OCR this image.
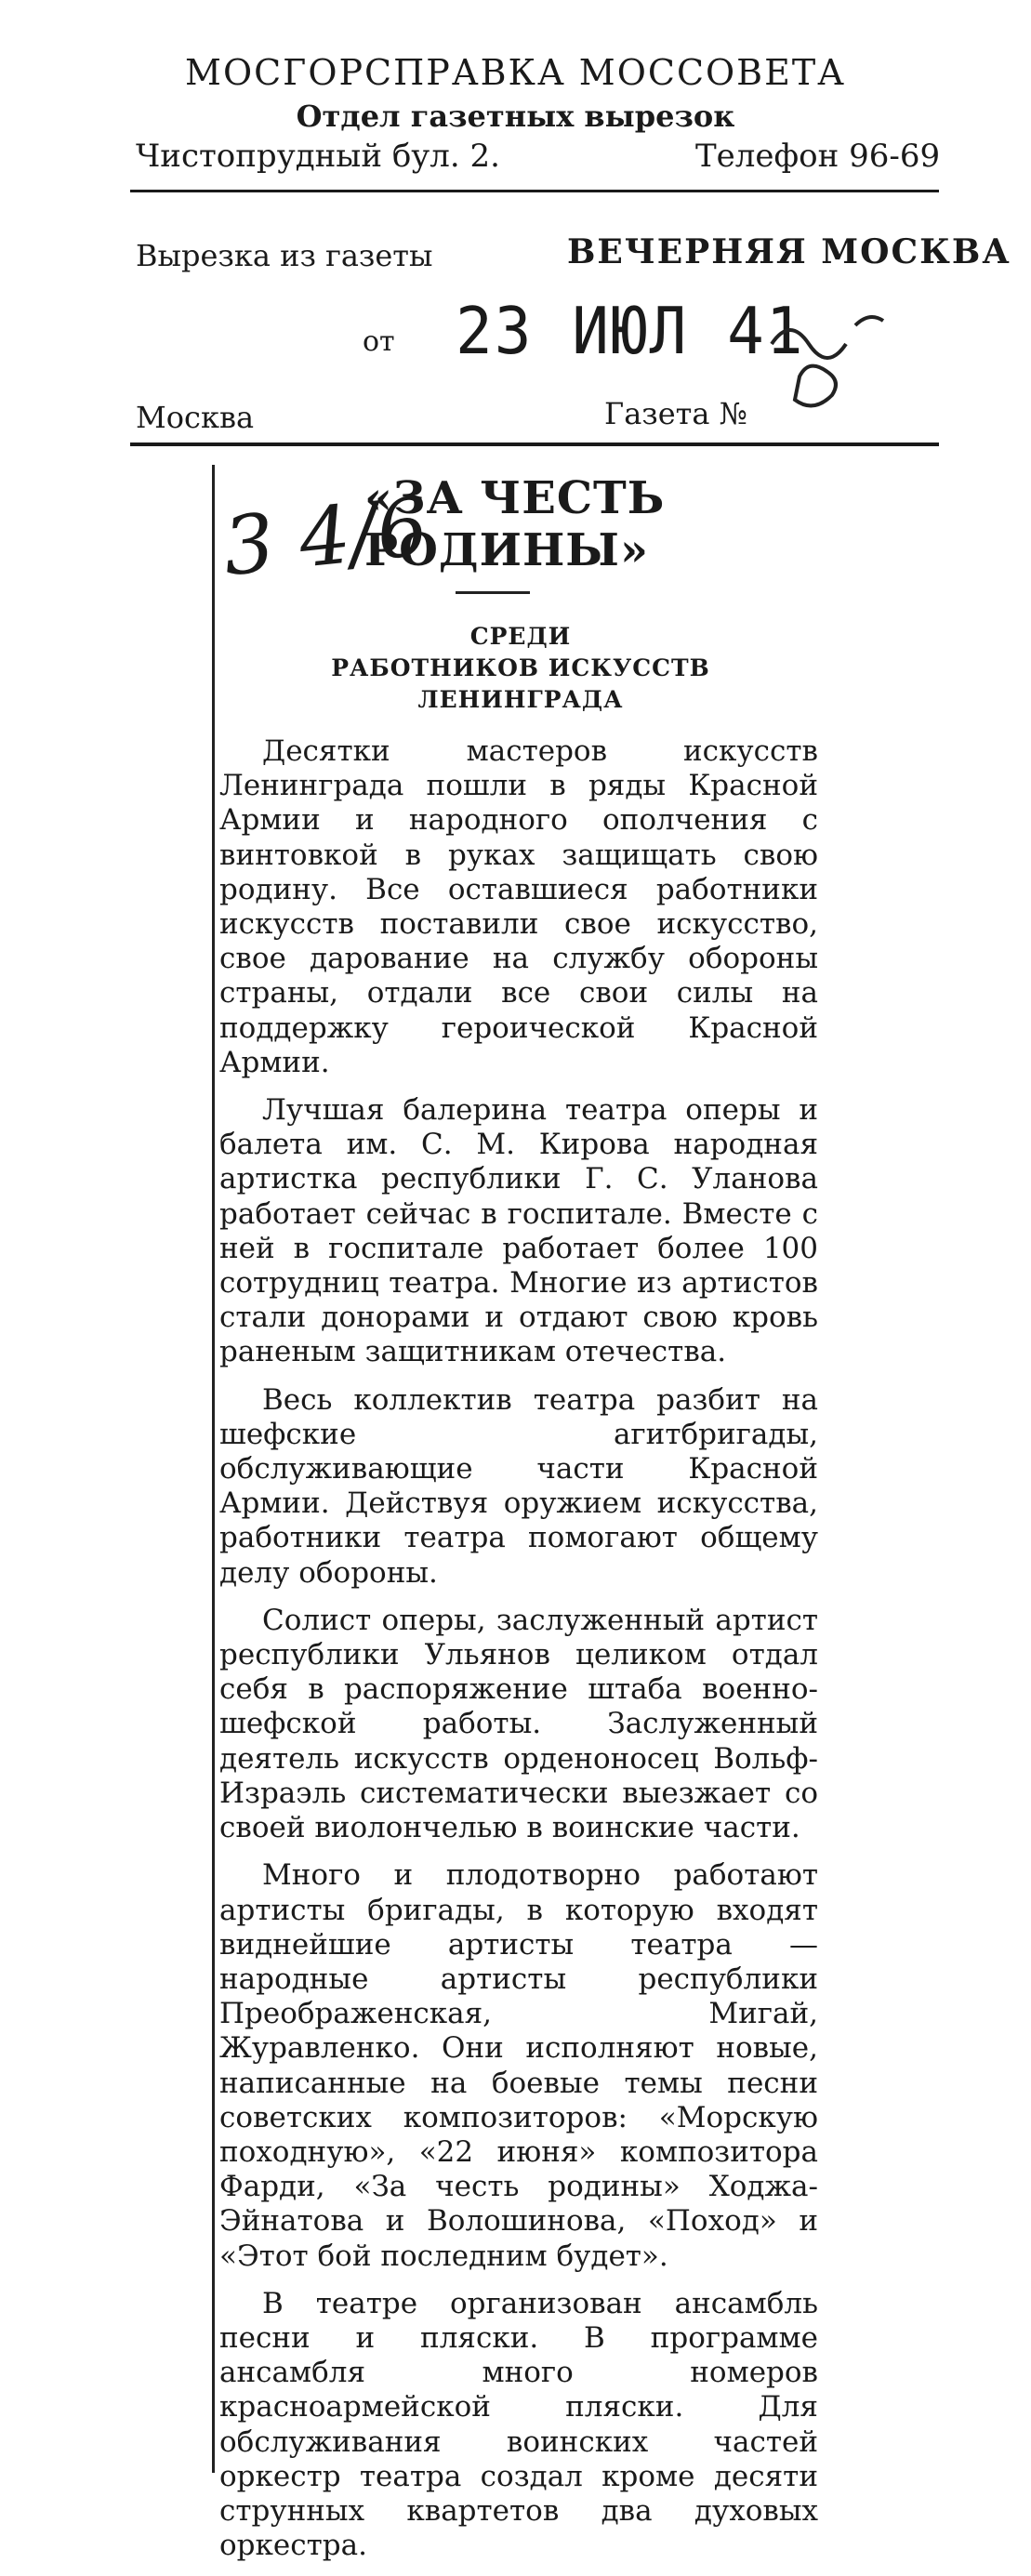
МОСГОРСПРАВКА МОССОВЕТА
Отдел газетных вырезок
Чистопрудный бул. 2.	Телефон 96-69
Вырезка из газеты	ВЕЧЕРНЯЯ МОСКВА
от 23 ИЮЛ 41
Москва	Газета №
3 4/6
«ЗА ЧЕСТЬ РОДИНЫ»
СРЕДИ
РАБОТНИКОВ ИСКУССТВ
ЛЕНИНГРАДА

Десятки мастеров искусств Ленинграда пошли в ряды Красной Армии и народного ополчения с винтовкой в руках защищать свою родину. Все оставшиеся работники искусств поставили свое искусство, свое дарование на службу обороны страны, отдали все свои силы на поддержку героической Красной Армии.

Лучшая балерина театра оперы и балета им. С. М. Кирова народная артистка республики Г. С. Уланова работает сейчас в госпитале. Вместе с ней в госпитале работает более 100 сотрудниц театра. Многие из артистов стали донорами и отдают свою кровь раненым защитникам отечества.

Весь коллектив театра разбит на шефские агитбригады, обслуживающие части Красной Армии. Действуя оружием искусства, работники театра помогают общему делу обороны.

Солист оперы, заслуженный артист республики Ульянов целиком отдал себя в распоряжение штаба военно-шефской работы. Заслуженный деятель искусств орденоносец Вольф-Израэль систематически выезжает со своей виолончелью в воинские части.

Много и плодотворно работают артисты бригады, в которую входят виднейшие артисты театра — народные артисты республики Преображенская, Мигай, Журавленко. Они исполняют новые, написанные на боевые темы песни советских композиторов: «Морскую походную», «22 июня» композитора Фарди, «За честь родины» Ходжа-Эйнатова и Волошинова, «Поход» и «Этот бой последним будет».

В театре организован ансамбль песни и пляски. В программе ансамбля много номеров красноармейской пляски. Для обслуживания воинских частей оркестр театра создал кроме десяти струнных квартетов два духовых оркестра.
